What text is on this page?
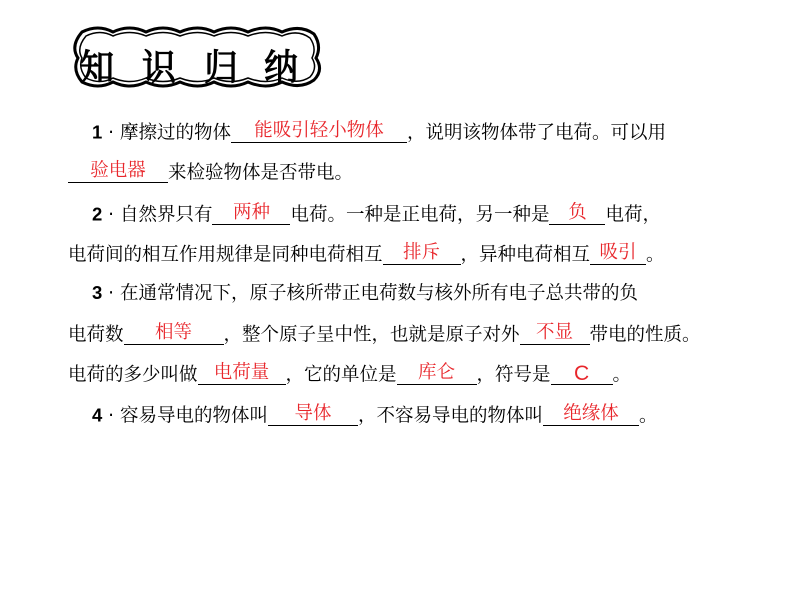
知 识 归 纳
1 · 摩擦过的物体	能吸引轻小物体	，说明该物体带了电荷。可以用
验电器	来检验物体是否带电。
2 · 自然界只有	两种	电荷。一种是正电荷，另一种是	负	电荷，
电荷间的相互作用规律是同种电荷相互	排斥	，异种电荷相互 吸引 。
3 · 在通常情况下，原子核所带正电荷数与核外所有电子总共带的负
电荷数	相等	，整个原子呈中性，也就是原子对外 不显 带电的性质。
电荷的多少叫做 电荷量 ，它的单位是	库仑	，符号是	C	。
4 · 容易导电的物体叫	导体	，不容易导电的物体叫	绝缘体	。
